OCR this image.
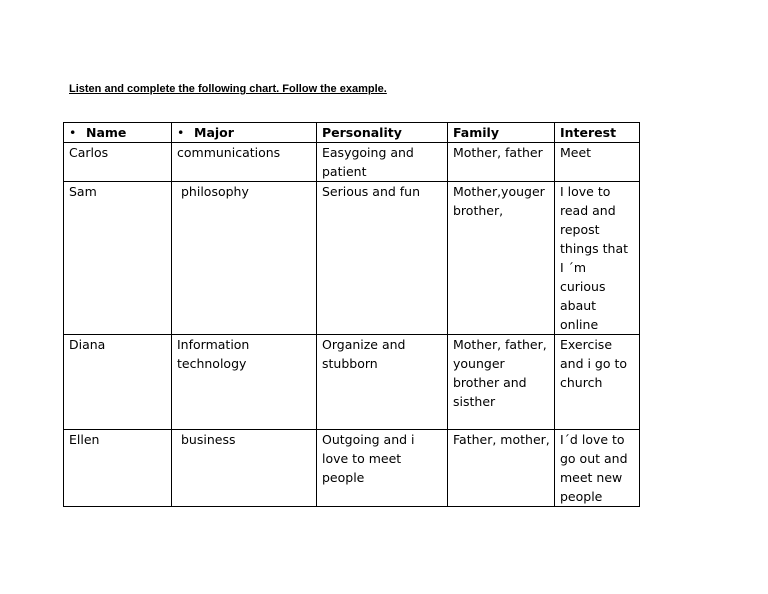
Listen and complete the following chart. Follow the example.
• Name	• Major	Personality	Family	Interest
Carlos	communications	Easygoing and patient	Mother, father	Meet
Sam	philosophy	Serious and fun	Mother,youger brother,	I love to read and repost things that I ´m curious abaut online
Diana	Information technology	Organize and stubborn	Mother, father, younger brother and sisther	Exercise and i go to church
Ellen	business	Outgoing and i love to meet people	Father, mother,	I´d love to go out and meet new people
